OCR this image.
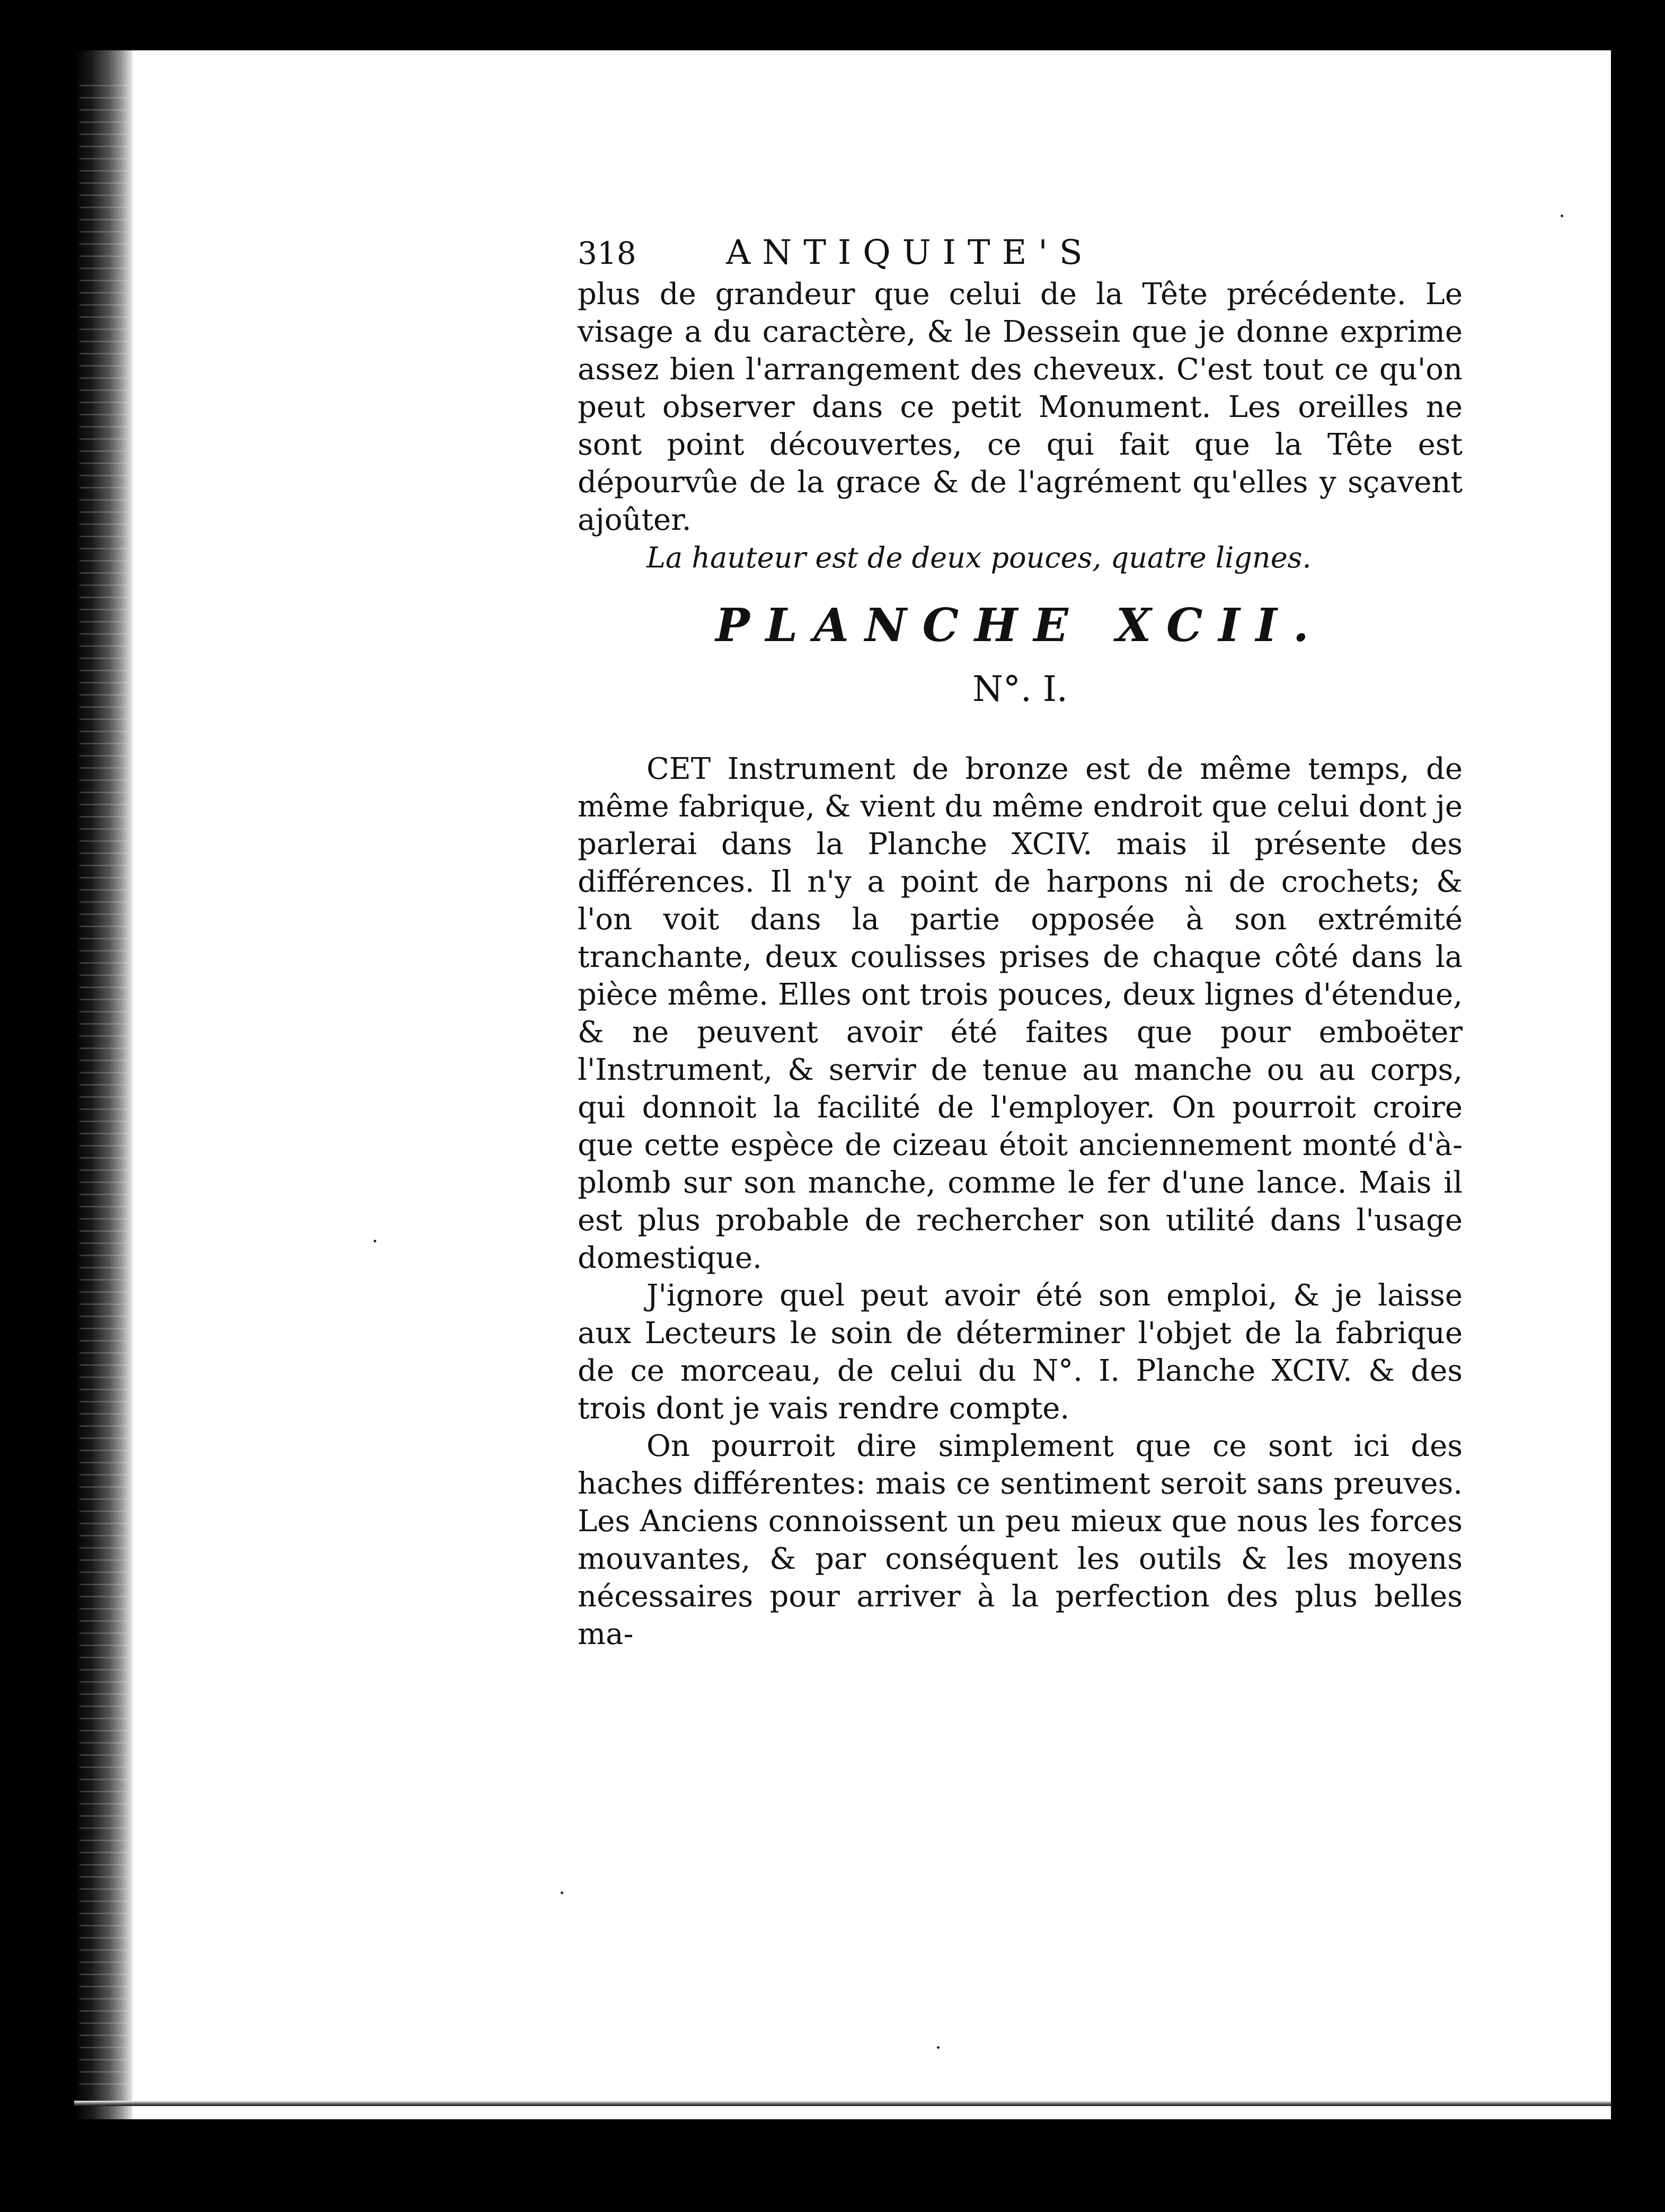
318	ANTIQUITE'S

plus de grandeur que celui de la Tête précédente. Le visage a du caractère, & le Dessein que je donne exprime assez bien l'arrangement des cheveux. C'est tout ce qu'on peut observer dans ce petit Monument. Les oreilles ne sont point découvertes, ce qui fait que la Tête est dépourvûe de la grace & de l'agrément qu'elles y sçavent ajoûter.

La hauteur est de deux pouces, quatre lignes.

PLANCHE XCII.
N°. I.

CET Instrument de bronze est de même temps, de même fabrique, & vient du même endroit que celui dont je parlerai dans la Planche XCIV. mais il présente des différences. Il n'y a point de harpons ni de crochets; & l'on voit dans la partie opposée à son extrémité tranchante, deux coulisses prises de chaque côté dans la pièce même. Elles ont trois pouces, deux lignes d'étendue, & ne peuvent avoir été faites que pour emboëter l'Instrument, & servir de tenue au manche ou au corps, qui donnoit la facilité de l'employer. On pourroit croire que cette espèce de cizeau étoit anciennement monté d'à-plomb sur son manche, comme le fer d'une lance. Mais il est plus probable de rechercher son utilité dans l'usage domestique.

J'ignore quel peut avoir été son emploi, & je laisse aux Lecteurs le soin de déterminer l'objet de la fabrique de ce morceau, de celui du N°. I. Planche XCIV. & des trois dont je vais rendre compte.

On pourroit dire simplement que ce sont ici des haches différentes: mais ce sentiment seroit sans preuves. Les Anciens connoissent un peu mieux que nous les forces mouvantes, & par conséquent les outils & les moyens nécessaires pour arriver à la perfection des plus belles ma-
